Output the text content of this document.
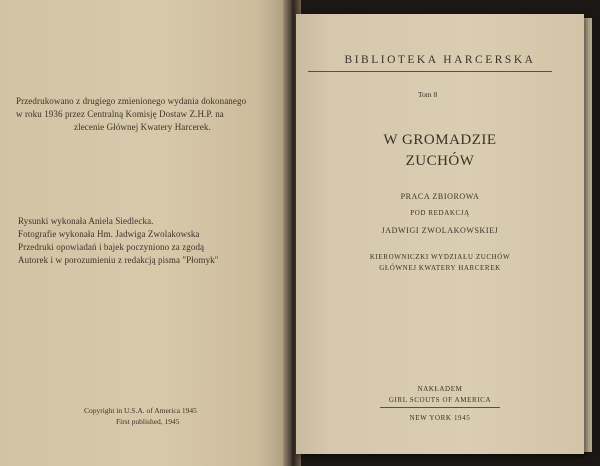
Przedrukowano z drugiego zmienionego wydania dokonanego
w roku 1936 przez Centralną Komisję Dostaw Z.H.P. na
zlecenie Głównej Kwatery Harcerek.
Rysunki wykonała Aniela Siedlecka.
Fotografie wykonała Hm. Jadwiga Zwolakowska
Przedruki opowiadań i bajek poczyniono za zgodą
Autorek i w porozumieniu z redakcją pisma "Płomyk"
Copyright in U.S.A. of America 1945
First published, 1945
BIBLIOTEKA HARCERSKA
Tom 8
W GROMADZIE
ZUCHÓW
PRACA ZBIOROWA
POD REDAKCJĄ
JADWIGI ZWOLAKOWSKIEJ
KIEROWNICZKI WYDZIAŁU ZUCHÓW
GŁÓWNEJ KWATERY HARCEREK
NAKŁADEM
GIRL SCOUTS OF AMERICA
NEW YORK 1945
